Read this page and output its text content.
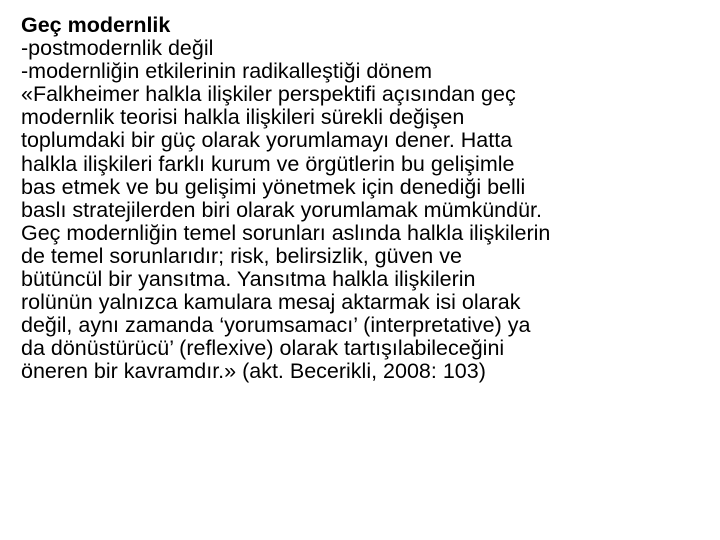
Geç modernlik
-postmodernlik değil
-modernliğin etkilerinin radikalleştiği dönem
«Falkheimer halkla ilişkiler perspektifi açısından geç
modernlik teorisi halkla ilişkileri sürekli değişen
toplumdaki bir güç olarak yorumlamayı dener. Hatta
halkla ilişkileri farklı kurum ve örgütlerin bu gelişimle
bas etmek ve bu gelişimi yönetmek için denediği belli
baslı stratejilerden biri olarak yorumlamak mümkündür.
Geç modernliğin temel sorunları aslında halkla ilişkilerin
de temel sorunlarıdır; risk, belirsizlik, güven ve
bütüncül bir yansıtma. Yansıtma halkla ilişkilerin
rolünün yalnızca kamulara mesaj aktarmak isi olarak
değil, aynı zamanda ‘yorumsamacı’ (interpretative) ya
da dönüstürücü’ (reflexive) olarak tartışılabileceğini
öneren bir kavramdır.» (akt. Becerikli, 2008: 103)
